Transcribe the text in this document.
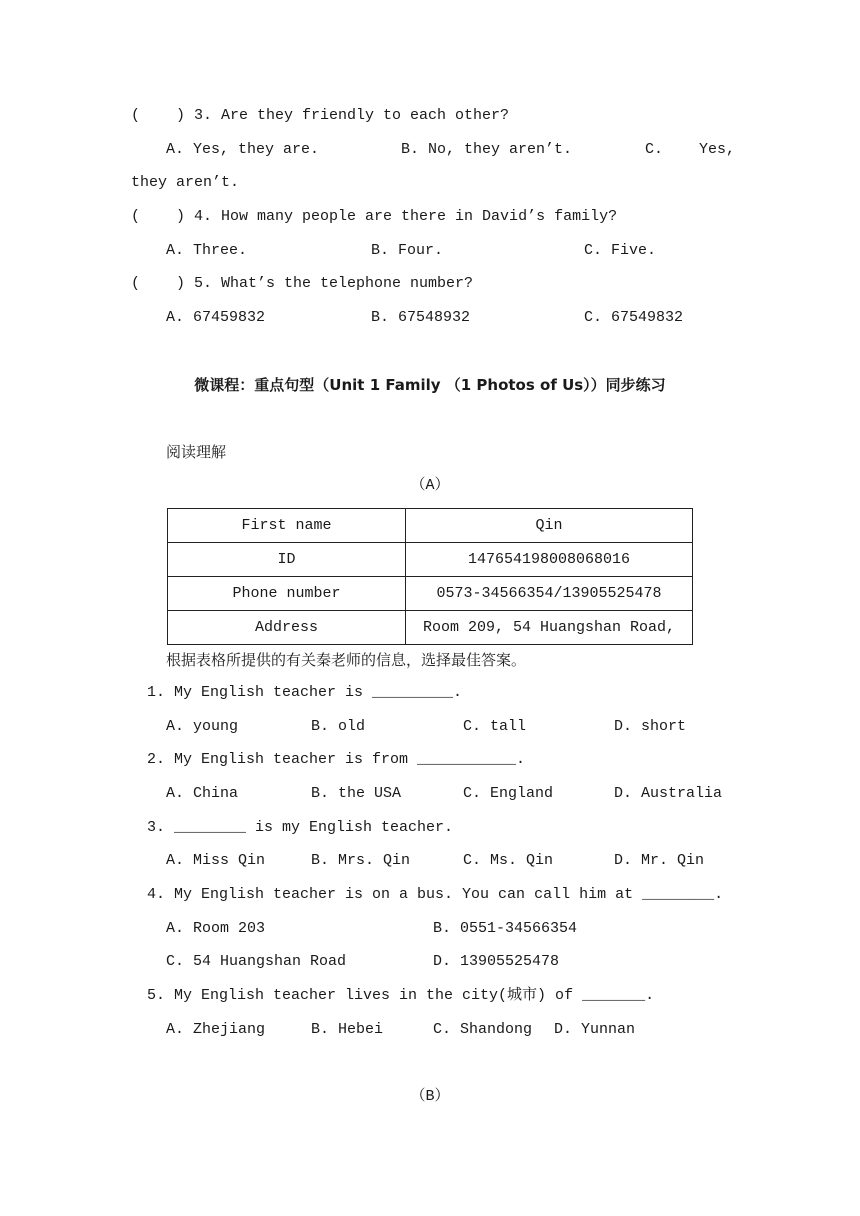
(    ) 3. Are they friendly to each other?
A. Yes, they are.	B. No, they aren’t.	C.    Yes,
they aren’t.
(    ) 4. How many people are there in David’s family?
A. Three.	B. Four.	C. Five.
(    ) 5. What’s the telephone number?
A. 67459832	B. 67548932	C. 67549832
微课程：重点句型（Unit 1 Family （1 Photos of Us））同步练习
阅读理解
（A）
First name	Qin
ID	147654198008068016
Phone number	0573-34566354/13905525478
Address	Room 209, 54 Huangshan Road,
根据表格所提供的有关秦老师的信息，选择最佳答案。
1. My English teacher is _________.
A. young	B. old	C. tall	D. short
2. My English teacher is from ___________.
A. China	B. the USA	C. England	D. Australia
3. ________ is my English teacher.
A. Miss Qin	B. Mrs. Qin	C. Ms. Qin	D. Mr. Qin
4. My English teacher is on a bus. You can call him at ________.
A. Room 203	B. 0551-34566354
C. 54 Huangshan Road	D. 13905525478
5. My English teacher lives in the city(城市) of _______.
A. Zhejiang	B. Hebei	C. Shandong D. Yunnan
（B）
